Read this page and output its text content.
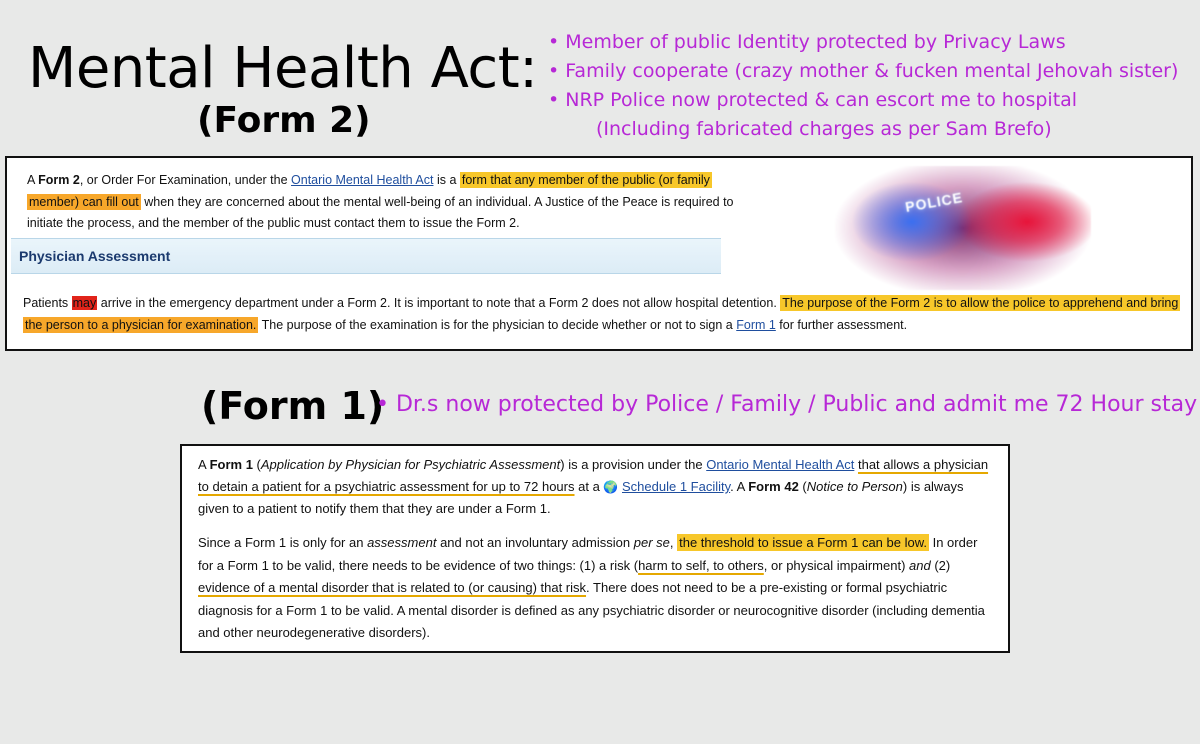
Mental Health Act:
(Form 2)
• Member of public Identity protected by Privacy Laws
• Family cooperate (crazy mother & fucken mental Jehovah sister)
• NRP Police now protected & can escort me to hospital
(Including fabricated charges as per Sam Brefo)
A Form 2, or Order For Examination, under the Ontario Mental Health Act is a form that any member of the public (or family
member) can fill out when they are concerned about the mental well-being of an individual. A Justice of the Peace is required to initiate the process, and the member of the public must contact them to issue the Form 2.
Physician Assessment
POLICE
Patients may arrive in the emergency department under a Form 2. It is important to note that a Form 2 does not allow hospital detention. The purpose of the Form 2 is to allow the police to apprehend and bring
the person to a physician for examination. The purpose of the examination is for the physician to decide whether or not to sign a Form 1 for further assessment.
(Form 1)
• Dr.s now protected by Police / Family / Public and admit me 72 Hour stay
A Form 1 (Application by Physician for Psychiatric Assessment) is a provision under the Ontario Mental Health Act that allows a physician to detain a patient for a psychiatric assessment for up to 72 hours at a 🌍 Schedule 1 Facility. A Form 42 (Notice to Person) is always given to a patient to notify them that they are under a Form 1.
Since a Form 1 is only for an assessment and not an involuntary admission per se, the threshold to issue a Form 1 can be low. In order for a Form 1 to be valid, there needs to be evidence of two things: (1) a risk (harm to self, to others, or physical impairment) and (2) evidence of a mental disorder that is related to (or causing) that risk. There does not need to be a pre-existing or formal psychiatric diagnosis for a Form 1 to be valid. A mental disorder is defined as any psychiatric disorder or neurocognitive disorder (including dementia and other neurodegenerative disorders).
